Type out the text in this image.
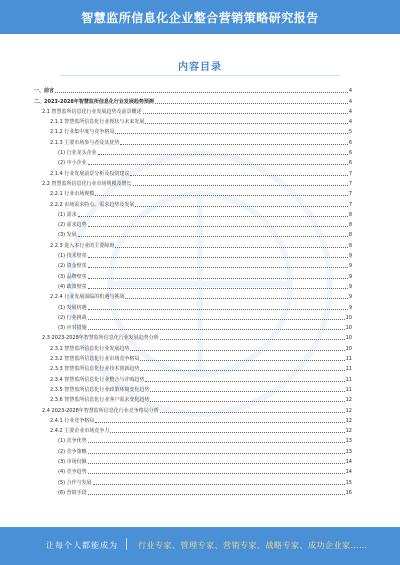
智慧监所信息化企业整合营销策略研究报告
内容目录
一、前言	4
二、2023-2028年智慧监所信息化行业发展趋势预测	4
2.1 智慧监所信息化行业发展趋势及前景概述	4
2.1.1 智慧监所信息化行业现状与未来发展	4
2.1.2 行业集中度与竞争格局	5
2.1.3 主要市场参与者及其优势	6
(1) 行业龙头企业	6
(2) 中小企业	6
2.1.4 行业发展前景分析及投资建议	7
2.2 智慧监所信息化行业市场规模及增长	7
2.2.1 行业市场规模	7
2.2.2 市场需求特点、需求趋势及发展	7
(1) 需求	8
(2) 需求趋势	8
(3) 发展	8
2.2.3 进入本行业的主要障碍	8
(1) 技术壁垒	9
(2) 资金壁垒	9
(3) 品牌壁垒	9
(4) 政策壁垒	9
2.2.4 行业发展面临的机遇与挑战	9
(1) 发展机遇	9
(2) 行业挑战	10
(3) 应对措施	10
2.3 2023-2028年智慧监所信息化行业发展趋势分析	10
2.3.1 智慧监所信息化行业发展趋势	10
2.3.2 智慧监所信息化行业市场竞争格局	11
2.3.3 智慧监所信息化行业技术创新趋势	11
2.3.4 智慧监所信息化行业整合与并购趋势	11
2.3.5 智慧监所信息化行业政策环境变化趋势	11
2.3.6 智慧监所信息化行业客户需求变化趋势	12
2.4 2023-2028年智慧监所信息化行业竞争格局分析	12
2.4.1 行业竞争格局	12
2.4.2 主要企业市场竞争力	12
(1) 竞争优势	13
(2) 竞争策略	13
(3) 市场份额	14
(4) 竞争趋势	14
(5) 合作与发展	15
(6) 营销手段	16
让每个人都能成为	行业专家、管理专家、营销专家、战略专家、成功企业家……
